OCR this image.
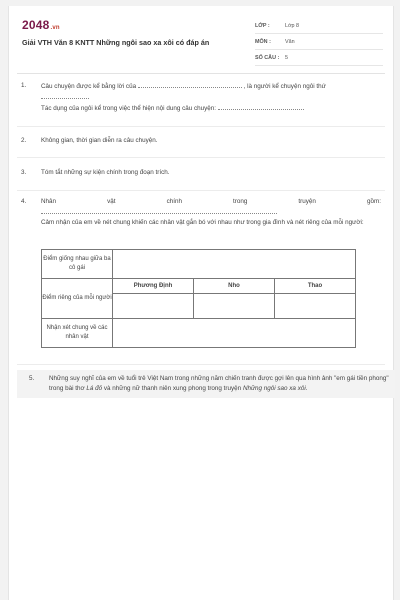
2048.vn
Giải VTH Văn 8 KNTT Những ngôi sao xa xôi có đáp án
LỚP :	Lớp 8
MÔN :	Văn
SỐ CÂU :	5
1. Câu chuyện được kể bằng lời của	, là người kể chuyện ngôi thứ

Tác dụng của ngôi kể trong việc thể hiện nội dung câu chuyện:
2. Không gian, thời gian diễn ra câu chuyện.
3. Tóm tắt những sự kiện chính trong đoạn trích.
4. Nhân	vật	chính	trong	truyện	gồm:
Cảm nhận của em về nét chung khiến các nhân vật gắn bó với nhau như trong gia đình và nét riêng của mỗi người:
Điểm giống nhau giữa ba cô gái			
Điểm riêng của mỗi người	Phương Định	Nho	Thao

Nhận xét chung về các nhân vật			
5. Những suy nghĩ của em về tuổi trẻ Việt Nam trong những năm chiến tranh được gợi lên qua hình ảnh "em gái tiền phong" trong bài thơ Lá đỏ và những nữ thanh niên xung phong trong truyện Những ngôi sao xa xôi.
